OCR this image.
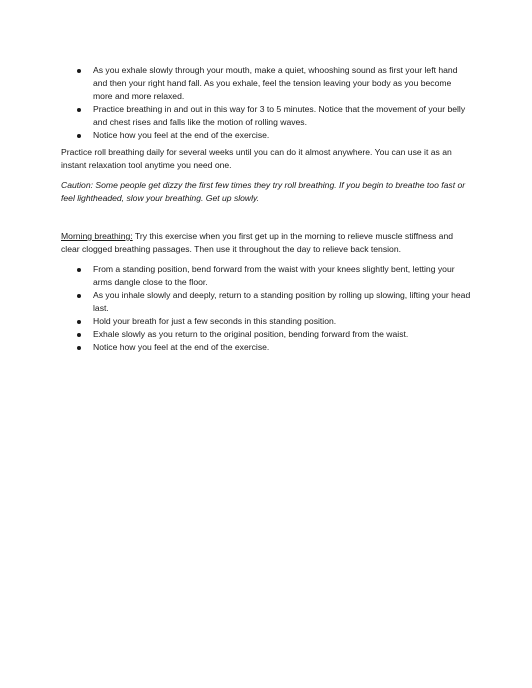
As you exhale slowly through your mouth, make a quiet, whooshing sound as first your left hand and then your right hand fall. As you exhale, feel the tension leaving your body as you become more and more relaxed.
Practice breathing in and out in this way for 3 to 5 minutes. Notice that the movement of your belly and chest rises and falls like the motion of rolling waves.
Notice how you feel at the end of the exercise.

Practice roll breathing daily for several weeks until you can do it almost anywhere. You can use it as an instant relaxation tool anytime you need one.

Caution: Some people get dizzy the first few times they try roll breathing. If you begin to breathe too fast or feel lightheaded, slow your breathing. Get up slowly.

Morning breathing: Try this exercise when you first get up in the morning to relieve muscle stiffness and clear clogged breathing passages. Then use it throughout the day to relieve back tension.

From a standing position, bend forward from the waist with your knees slightly bent, letting your arms dangle close to the floor.
As you inhale slowly and deeply, return to a standing position by rolling up slowing, lifting your head last.
Hold your breath for just a few seconds in this standing position.
Exhale slowly as you return to the original position, bending forward from the waist.
Notice how you feel at the end of the exercise.
